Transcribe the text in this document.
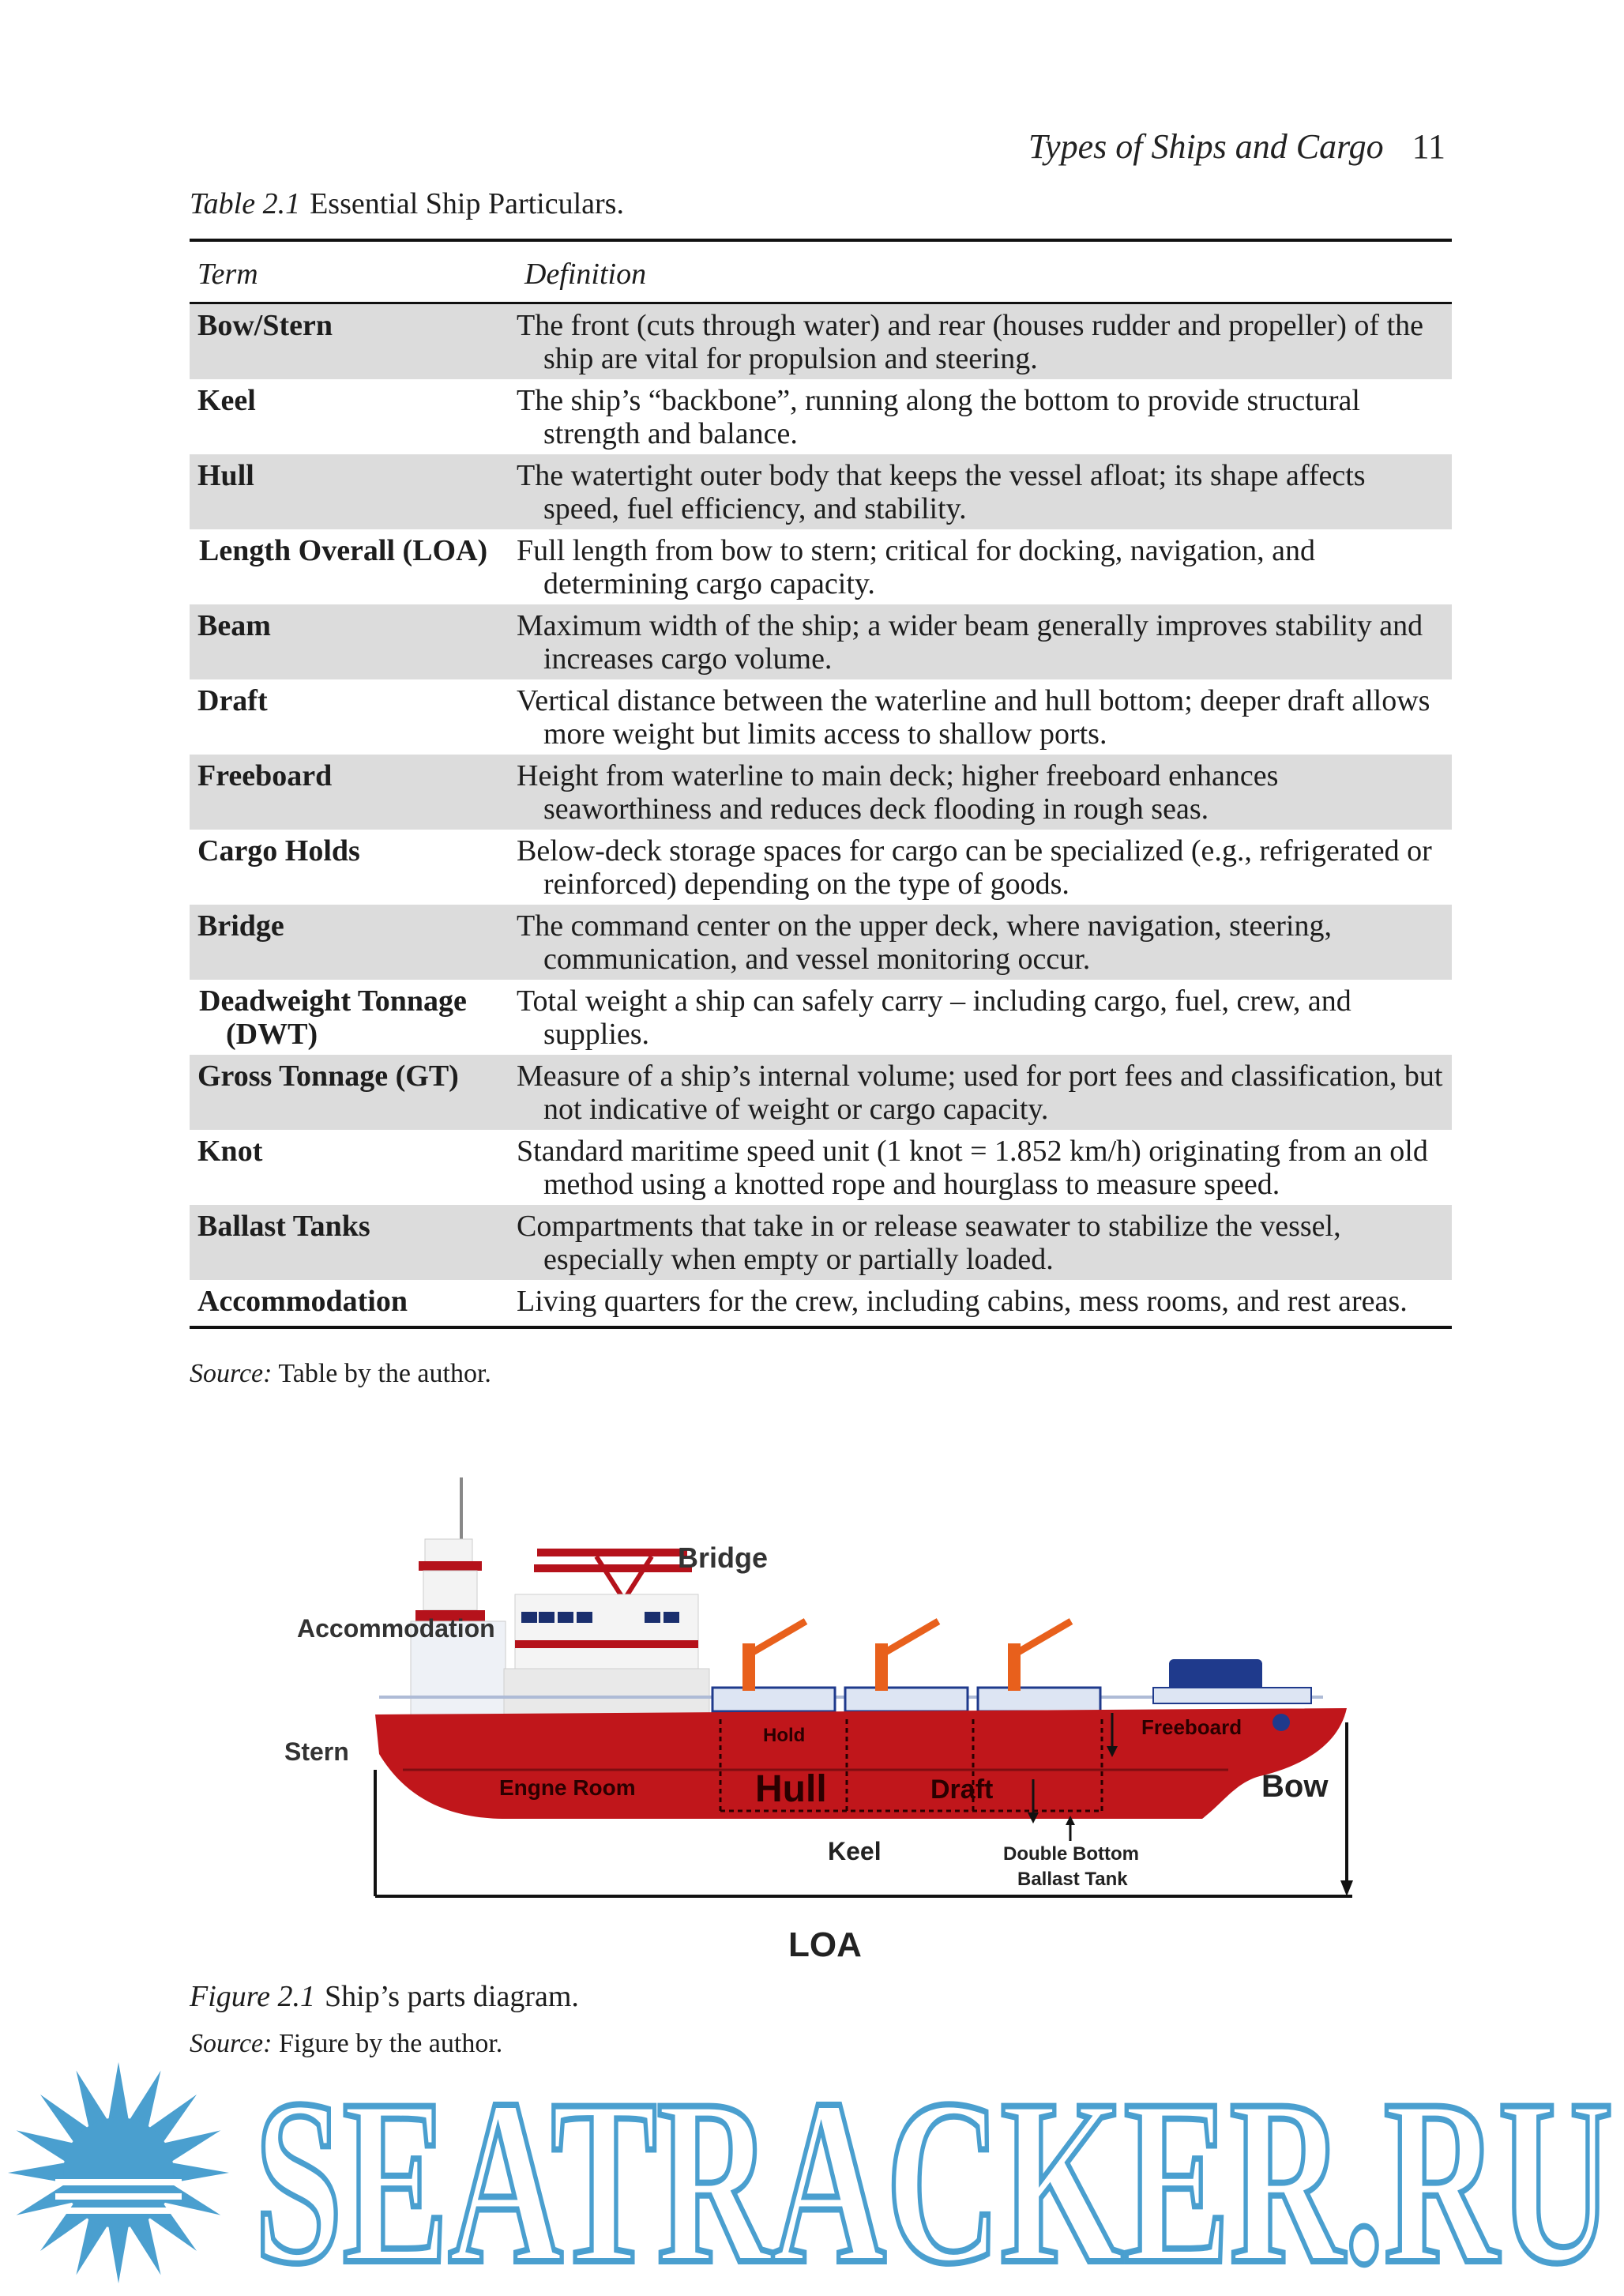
Types of Ships and Cargo 11
Table 2.1 Essential Ship Particulars.
Term	Definition
Bow/Stern	The front (cuts through water) and rear (houses rudder and propeller) of the ship are vital for propulsion and steering.
Keel	The ship’s “backbone”, running along the bottom to provide structural strength and balance.
Hull	The watertight outer body that keeps the vessel afloat; its shape affects speed, fuel efficiency, and stability.
Length Overall (LOA)	Full length from bow to stern; critical for docking, navigation, and determining cargo capacity.
Beam	Maximum width of the ship; a wider beam generally improves stability and increases cargo volume.
Draft	Vertical distance between the waterline and hull bottom; deeper draft allows more weight but limits access to shallow ports.
Freeboard	Height from waterline to main deck; higher freeboard enhances seaworthiness and reduces deck flooding in rough seas.
Cargo Holds	Below-deck storage spaces for cargo can be specialized (e.g., refrigerated or reinforced) depending on the type of goods.
Bridge	The command center on the upper deck, where navigation, steering, communication, and vessel monitoring occur.
Deadweight Tonnage (DWT)	Total weight a ship can safely carry – including cargo, fuel, crew, and supplies.
Gross Tonnage (GT)	Measure of a ship’s internal volume; used for port fees and classification, but not indicative of weight or cargo capacity.
Knot	Standard maritime speed unit (1 knot = 1.852 km/h) originating from an old method using a knotted rope and hourglass to measure speed.
Ballast Tanks	Compartments that take in or release seawater to stabilize the vessel, especially when empty or partially loaded.
Accommodation	Living quarters for the crew, including cabins, mess rooms, and rest areas.
Source: Table by the author.
Bridge
Accommodation
Stern
Hold	Freeboard
Engne Room	Hull	Draft	Bow
Keel	Double Bottom
Ballast Tank
LOA
Figure 2.1 Ship’s parts diagram.
Source: Figure by the author.
SEATRACKER.RU
